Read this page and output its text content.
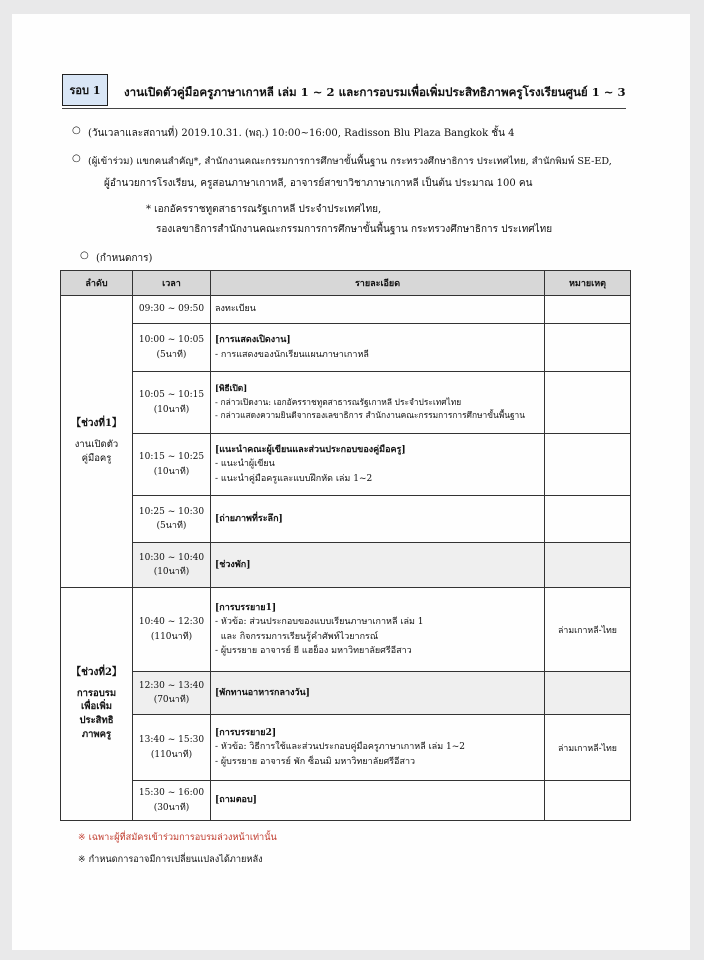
รอบ 1	งานเปิดตัวคู่มือครูภาษาเกาหลี เล่ม 1 ~ 2 และการอบรมเพื่อเพิ่มประสิทธิภาพครูโรงเรียนศูนย์ 1 ~ 3
○ (วันเวลาและสถานที่) 2019.10.31. (พฤ.) 10:00~16:00, Radisson Blu Plaza Bangkok ชั้น 4
○ (ผู้เข้าร่วม) แขกคนสำคัญ*, สำนักงานคณะกรรมการการศึกษาขั้นพื้นฐาน กระทรวงศึกษาธิการ ประเทศไทย, สำนักพิมพ์ SE-ED,
ผู้อำนวยการโรงเรียน, ครูสอนภาษาเกาหลี, อาจารย์สาขาวิชาภาษาเกาหลี เป็นต้น ประมาณ 100 คน
* เอกอัครราชทูตสาธารณรัฐเกาหลี ประจำประเทศไทย,
รองเลขาธิการสำนักงานคณะกรรมการการศึกษาขั้นพื้นฐาน กระทรวงศึกษาธิการ ประเทศไทย
○ (กำหนดการ)
ลำดับ	เวลา	รายละเอียด	หมายเหตุ

【ช่วงที่1】
งานเปิดตัว
คู่มือครู	09:30 ~ 09:50	ลงทะเบียน	

	10:00 ~ 10:05
(5นาที)	[การแสดงเปิดงาน]
- การแสดงของนักเรียนแผนภาษาเกาหลี	

	10:05 ~ 10:15
(10นาที)	[พิธีเปิด]
- กล่าวเปิดงาน: เอกอัครราชทูตสาธารณรัฐเกาหลี ประจำประเทศไทย
- กล่าวแสดงความยินดีจากรองเลขาธิการ สำนักงานคณะกรรมการการศึกษาขั้นพื้นฐาน	

	10:15 ~ 10:25
(10นาที)	[แนะนำคณะผู้เขียนและส่วนประกอบของคู่มือครู]
- แนะนำผู้เขียน
- แนะนำคู่มือครูและแบบฝึกหัด เล่ม 1~2	

	10:25 ~ 10:30
(5นาที)	[ถ่ายภาพที่ระลึก]	

	10:30 ~ 10:40
(10นาที)	[ช่วงพัก]	

【ช่วงที่2】
การอบรม
เพื่อเพิ่ม
ประสิทธิ
ภาพครู	10:40 ~ 12:30
(110นาที)	[การบรรยาย1]
- หัวข้อ: ส่วนประกอบของแบบเรียนภาษาเกาหลี เล่ม 1
และ กิจกรรมการเรียนรู้คำศัพท์ไวยากรณ์
- ผู้บรรยาย อาจารย์ ยี แฮย็อง มหาวิทยาลัยศรีอีสาว	ล่ามเกาหลี-ไทย

	12:30 ~ 13:40
(70นาที)	[พักทานอาหารกลางวัน]	

	13:40 ~ 15:30
(110นาที)	[การบรรยาย2]
- หัวข้อ: วิธีการใช้และส่วนประกอบคู่มือครูภาษาเกาหลี เล่ม 1~2
- ผู้บรรยาย อาจารย์ พัก ซ็อนมิ มหาวิทยาลัยศรีอีสาว	ล่ามเกาหลี-ไทย

	15:30 ~ 16:00
(30นาที)	[ถามตอบ]	

※ เฉพาะผู้ที่สมัครเข้าร่วมการอบรมล่วงหน้าเท่านั้น
※ กำหนดการอาจมีการเปลี่ยนแปลงได้ภายหลัง
